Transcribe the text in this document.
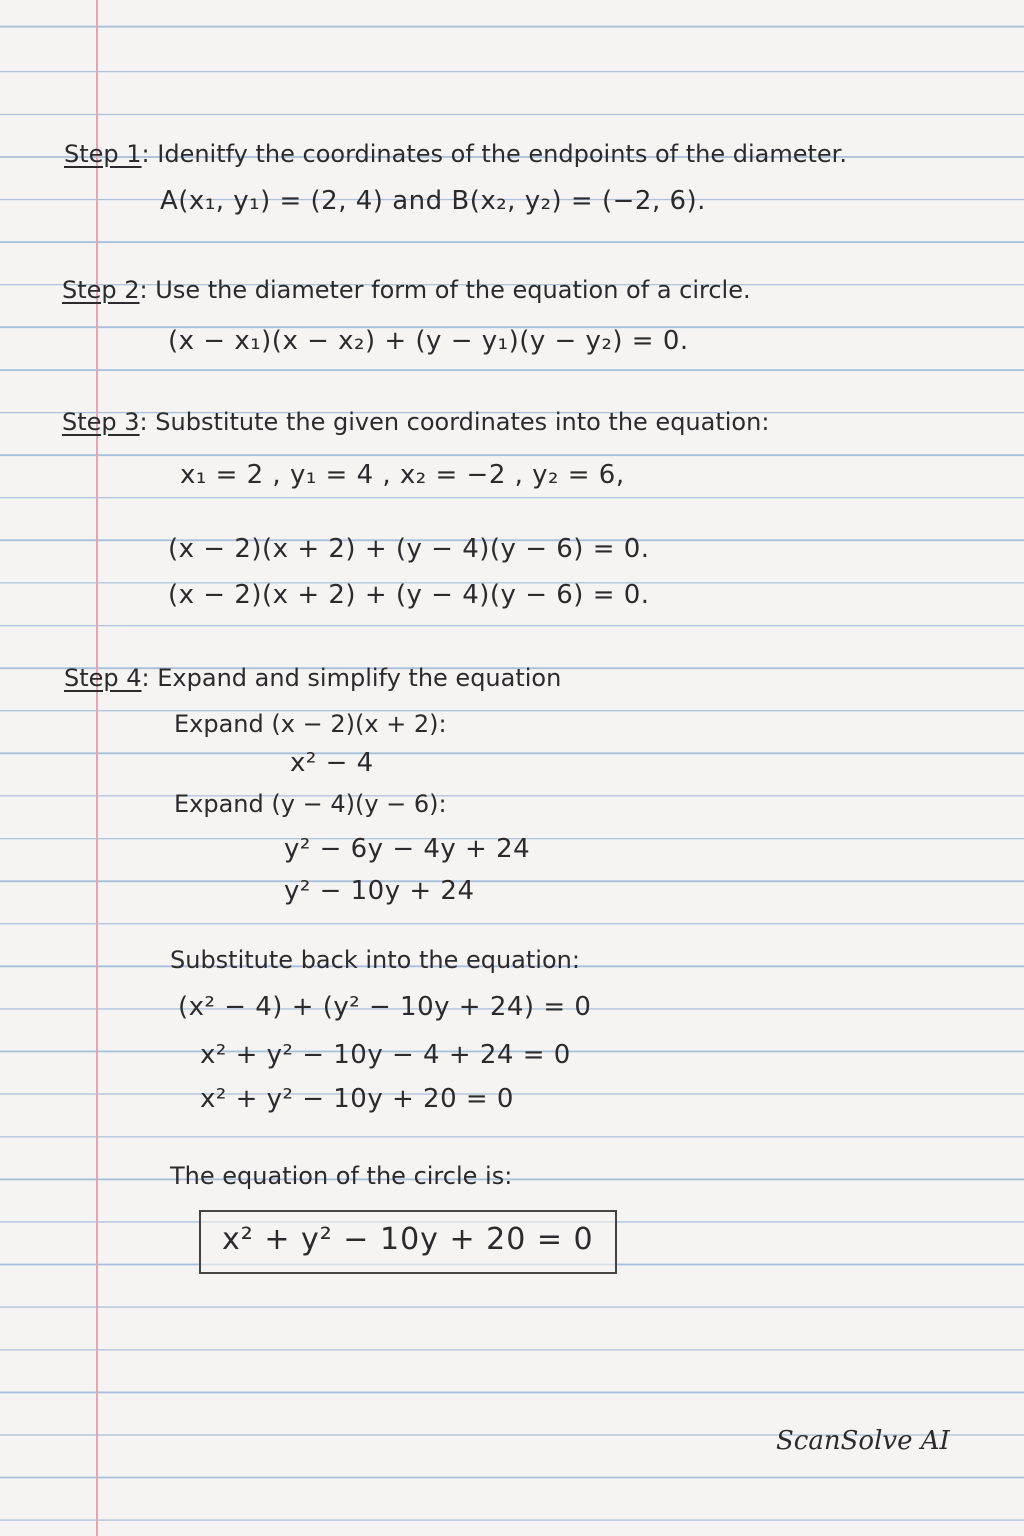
Step 1: Idenitfy the coordinates of the endpoints of the diameter.
A(x₁, y₁) = (2, 4) and B(x₂, y₂) = (−2, 6).
Step 2: Use the diameter form of the equation of a circle.
(x − x₁)(x − x₂) + (y − y₁)(y − y₂) = 0.
Step 3: Substitute the given coordinates into the equation:
x₁ = 2 , y₁ = 4 , x₂ = −2 , y₂ = 6,
(x − 2)(x + 2) + (y − 4)(y − 6) = 0.
(x − 2)(x + 2) + (y − 4)(y − 6) = 0.
Step 4: Expand and simplify the equation
Expand (x − 2)(x + 2):
x² − 4
Expand (y − 4)(y − 6):
y² − 6y − 4y + 24
y² − 10y + 24
Substitute back into the equation:
(x² − 4) + (y² − 10y + 24) = 0
x² + y² − 10y − 4 + 24 = 0
x² + y² − 10y + 20 = 0
The equation of the circle is:
x² + y² − 10y + 20 = 0
ScanSolve AI
